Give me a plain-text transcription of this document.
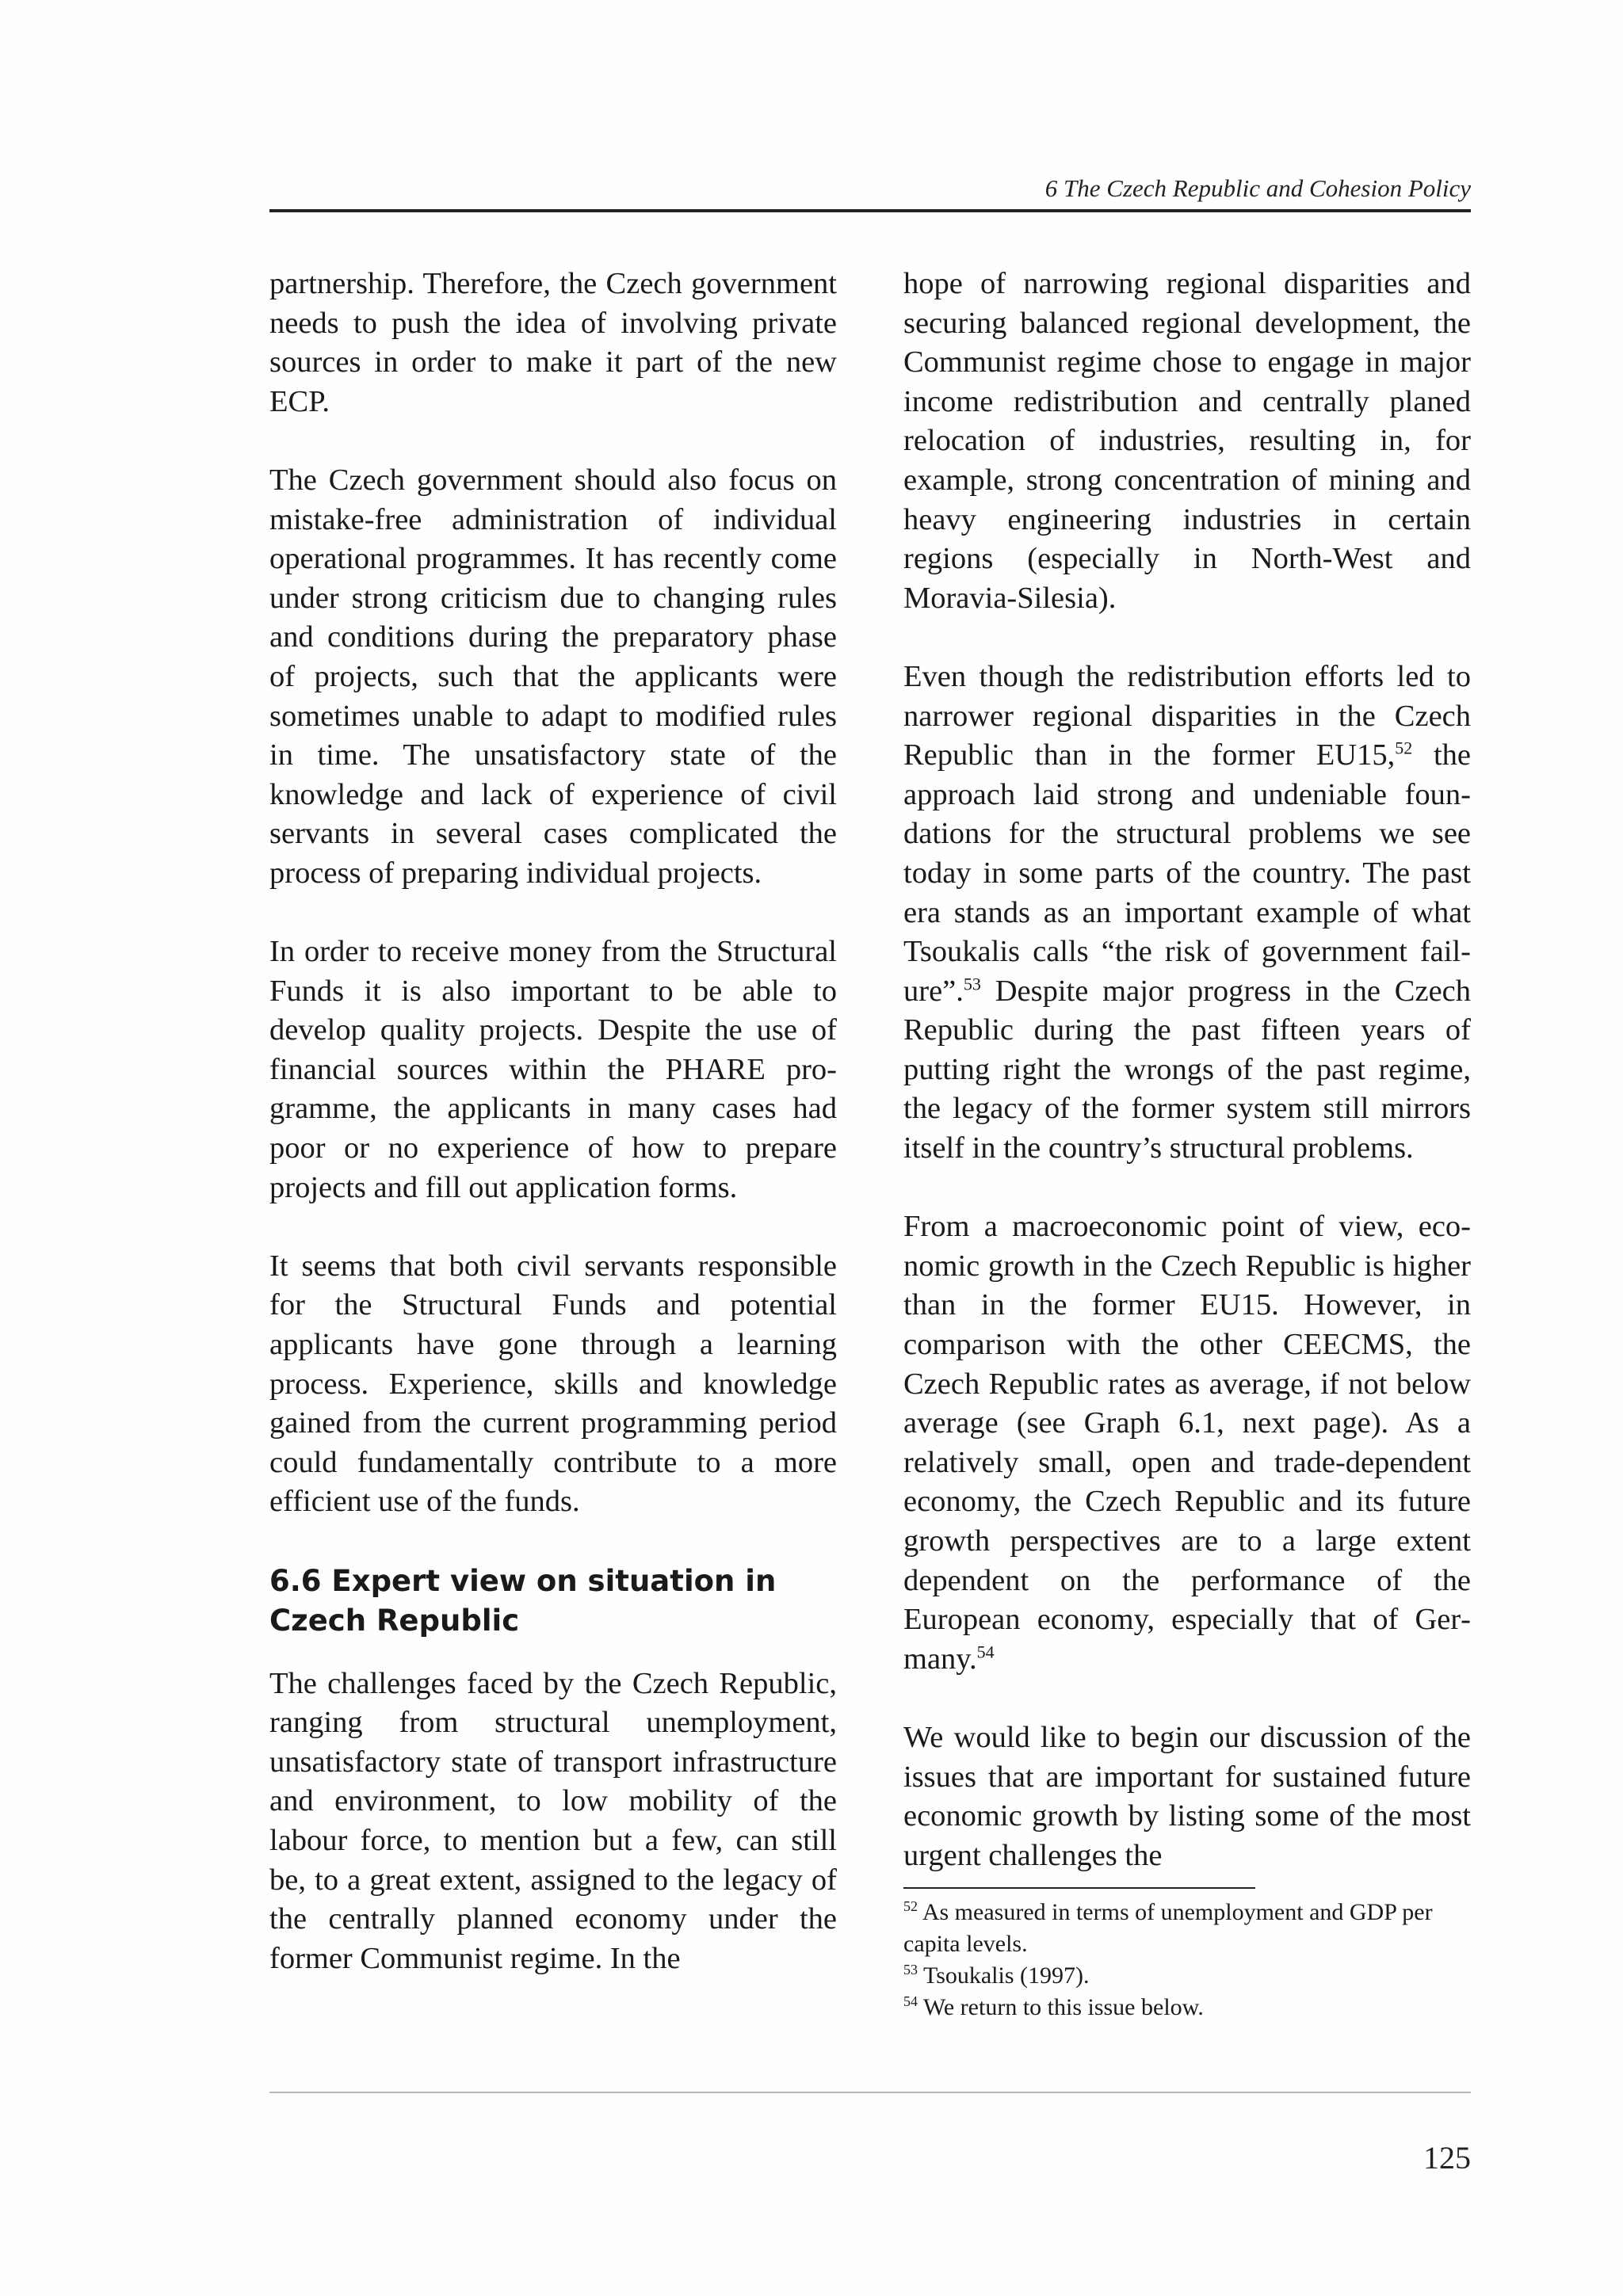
6 The Czech Republic and Cohesion Policy

partnership. Therefore, the Czech government needs to push the idea of involving private sources in order to make it part of the new ECP.

The Czech government should also focus on mistake-free administration of individual operational programmes. It has recently come under strong criticism due to changing rules and conditions during the preparatory phase of projects, such that the applicants were sometimes unable to adapt to modified rules in time. The unsatisfactory state of the knowledge and lack of experience of civil servants in several cases complicated the process of preparing individual projects.

In order to receive money from the Structural Funds it is also important to be able to develop quality projects. Despite the use of financial sources within the PHARE programme, the applicants in many cases had poor or no experience of how to prepare projects and fill out application forms.

It seems that both civil servants responsible for the Structural Funds and potential applicants have gone through a learning process. Experience, skills and knowledge gained from the current programming period could fundamentally contribute to a more efficient use of the funds.

6.6 Expert view on situation in Czech Republic

The challenges faced by the Czech Republic, ranging from structural unemployment, unsatisfactory state of transport infrastructure and environment, to low mobility of the labour force, to mention but a few, can still be, to a great extent, assigned to the legacy of the centrally planned economy under the former Communist regime. In the

hope of narrowing regional disparities and securing balanced regional development, the Communist regime chose to engage in major income redistribution and centrally planed relocation of industries, resulting in, for example, strong concentration of mining and heavy engineering industries in certain regions (especially in North-West and Moravia-Silesia).

Even though the redistribution efforts led to narrower regional disparities in the Czech Republic than in the former EU15,52 the approach laid strong and undeniable foundations for the structural problems we see today in some parts of the country. The past era stands as an important example of what Tsoukalis calls “the risk of government failure”.$^{53}$ Despite major progress in the Czech Republic during the past fifteen years of putting right the wrongs of the past regime, the legacy of the former system still mirrors itself in the country’s structural problems.

From a macroeconomic point of view, economic growth in the Czech Republic is higher than in the former EU15. However, in comparison with the other CEECMS, the Czech Republic rates as average, if not below average (see Graph 6.1, next page). As a relatively small, open and trade-dependent economy, the Czech Republic and its future growth perspectives are to a large extent dependent on the performance of the European economy, especially that of Germany.$^{54}$

We would like to begin our discussion of the issues that are important for sustained future economic growth by listing some of the most urgent challenges the

$^{52}$ As measured in terms of unemployment and GDP per capita levels.
$^{53}$ Tsoukalis (1997).
$^{54}$ We return to this issue below.
125
